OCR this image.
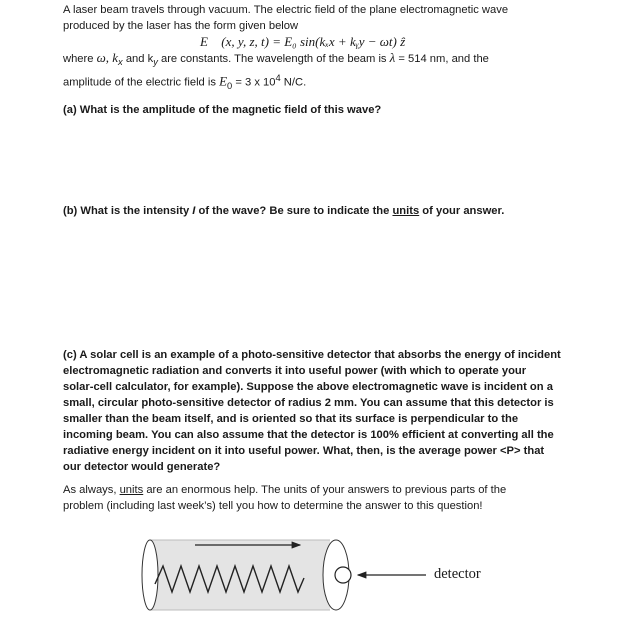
A laser beam travels through vacuum. The electric field of the plane electromagnetic wave
produced by the laser has the form given below

E⃗ (x, y, z, t) = E₀ sin(kₓx + kᵧy − ωt) ẑ

where ω, $k_x$ and $k_y$ are constants. The wavelength of the beam is λ = 514 nm, and the
amplitude of the electric field is $E_0 = 3$ x $10^4$ N/C.

(a) What is the amplitude of the magnetic field of this wave?

(b) What is the intensity I of the wave? Be sure to indicate the units of your answer.

(c) A solar cell is an example of a photo-sensitive detector that absorbs the energy of incident
electromagnetic radiation and converts it into useful power (with which to operate your
solar-cell calculator, for example). Suppose the above electromagnetic wave is incident on a
small, circular photo-sensitive detector of radius 2 mm. You can assume that this detector is
smaller than the beam itself, and is oriented so that its surface is perpendicular to the
incoming beam. You can also assume that the detector is 100% efficient at converting all the
radiative energy incident on it into useful power. What, then, is the average power <P> that
our detector would generate?

As always, units are an enormous help. The units of your answers to previous parts of the
problem (including last week’s) tell you how to determine the answer to this question!

detector
